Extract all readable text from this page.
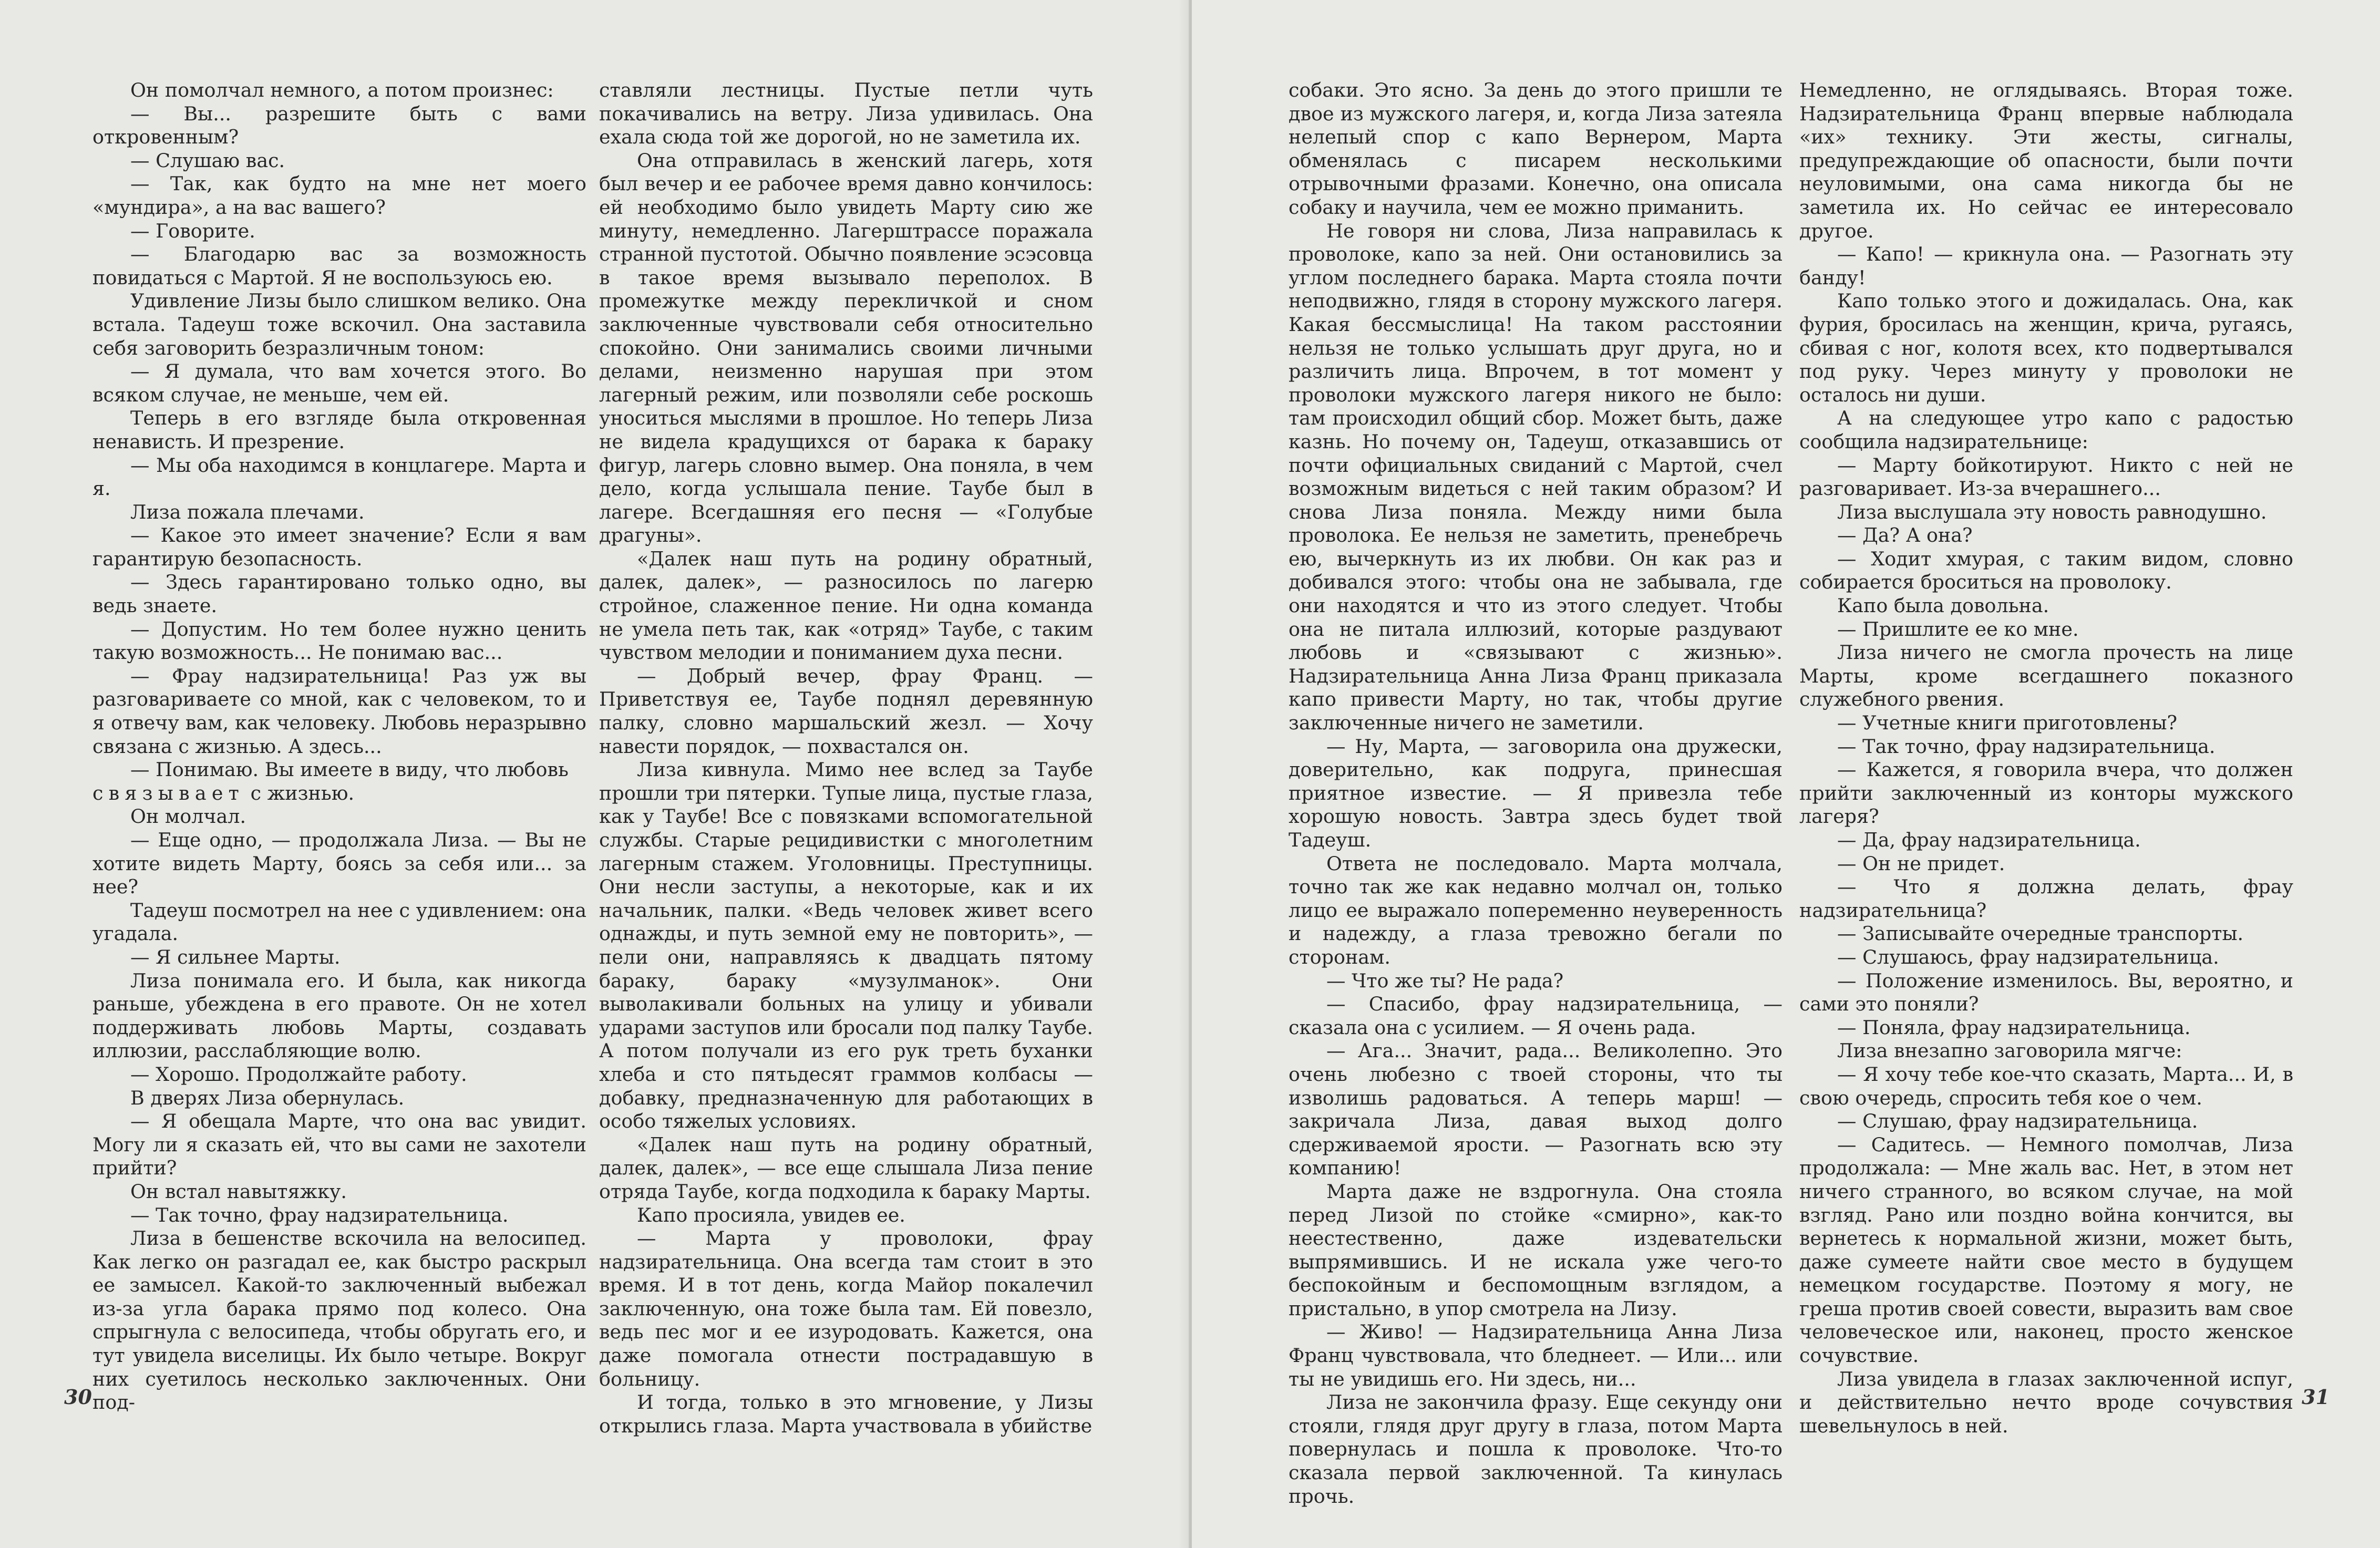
Он помолчал немного, а потом произнес:

— Вы... разрешите быть с вами откровенным?

— Слушаю вас.

— Так, как будто на мне нет моего «мундира», а на вас вашего?

— Говорите.

— Благодарю вас за возможность повидаться с Мартой. Я не воспользуюсь ею.

Удивление Лизы было слишком велико. Она встала. Тадеуш тоже вскочил. Она заставила себя заговорить безразличным тоном:

— Я думала, что вам хочется этого. Во всяком случае, не меньше, чем ей.

Теперь в его взгляде была откровенная ненависть. И презрение.

— Мы оба находимся в концлагере. Марта и я.

Лиза пожала плечами.

— Какое это имеет значение? Если я вам гарантирую безопасность.

— Здесь гарантировано только одно, вы ведь знаете.

— Допустим. Но тем более нужно ценить такую возможность... Не понимаю вас...

— Фрау надзирательница! Раз уж вы разговариваете со мной, как с человеком, то и я отвечу вам, как человеку. Любовь неразрывно связана с жизнью. А здесь...

— Понимаю. Вы имеете в виду, что любовь

связывает с жизнью.

Он молчал.

— Еще одно, — продолжала Лиза. — Вы не хотите видеть Марту, боясь за себя или... за нее?

Тадеуш посмотрел на нее с удивлением: она угадала.

— Я сильнее Марты.

Лиза понимала его. И была, как никогда раньше, убеждена в его правоте. Он не хотел поддерживать любовь Марты, создавать иллюзии, расслабляющие волю.

— Хорошо. Продолжайте работу.

В дверях Лиза обернулась.

— Я обещала Марте, что она вас увидит. Могу ли я сказать ей, что вы сами не захотели прийти?

Он встал навытяжку.

— Так точно, фрау надзирательница.

Лиза в бешенстве вскочила на велосипед. Как легко он разгадал ее, как быстро раскрыл ее замысел. Какой-то заключенный выбежал из-за угла барака прямо под колесо. Она спрыгнула с велосипеда, чтобы обругать его, и тут увидела виселицы. Их было четыре. Вокруг них суетилось несколько заключенных. Они под-

ставляли лестницы. Пустые петли чуть покачивались на ветру. Лиза удивилась. Она ехала сюда той же дорогой, но не заметила их.

Она отправилась в женский лагерь, хотя был вечер и ее рабочее время давно кончилось: ей необходимо было увидеть Марту сию же минуту, немедленно. Лагерштрассе поражала странной пустотой. Обычно появление эсэсовца в такое время вызывало переполох. В промежутке между перекличкой и сном заключенные чувствовали себя относительно спокойно. Они занимались своими личными делами, неизменно нарушая при этом лагерный режим, или позволяли себе роскошь уноситься мыслями в прошлое. Но теперь Лиза не видела крадущихся от барака к бараку фигур, лагерь словно вымер. Она поняла, в чем дело, когда услышала пение. Таубе был в лагере. Всегдашняя его песня — «Голубые драгуны».

«Далек наш путь на родину обратный, далек, далек», — разносилось по лагерю стройное, слаженное пение. Ни одна команда не умела петь так, как «отряд» Таубе, с таким чувством мелодии и пониманием духа песни.

— Добрый вечер, фрау Франц. — Приветствуя ее, Таубе поднял деревянную палку, словно маршальский жезл. — Хочу навести порядок, — похвастался он.

Лиза кивнула. Мимо нее вслед за Таубе прошли три пятерки. Тупые лица, пустые глаза, как у Таубе! Все с повязками вспомогательной службы. Старые рецидивистки с многолетним лагерным стажем. Уголовницы. Преступницы. Они несли заступы, а некоторые, как и их начальник, палки. «Ведь человек живет всего однажды, и путь земной ему не повторить», — пели они, направляясь к двадцать пятому бараку, бараку «музулманок». Они выволакивали больных на улицу и убивали ударами заступов или бросали под палку Таубе. А потом получали из его рук треть буханки хлеба и сто пятьдесят граммов колбасы — добавку, предназначенную для работающих в особо тяжелых условиях.

«Далек наш путь на родину обратный, далек, далек», — все еще слышала Лиза пение отряда Таубе, когда подходила к бараку Марты.

Капо просияла, увидев ее.

— Марта у проволоки, фрау надзирательница. Она всегда там стоит в это время. И в тот день, когда Майор покалечил заключенную, она тоже была там. Ей повезло, ведь пес мог и ее изуродовать. Кажется, она даже помогала отнести пострадавшую в больницу.

И тогда, только в это мгновение, у Лизы открылись глаза. Марта участвовала в убийстве

30

собаки. Это ясно. За день до этого пришли те двое из мужского лагеря, и, когда Лиза затеяла нелепый спор с капо Вернером, Марта обменялась с писарем несколькими отрывочными фразами. Конечно, она описала собаку и научила, чем ее можно приманить.

Не говоря ни слова, Лиза направилась к проволоке, капо за ней. Они остановились за углом последнего барака. Марта стояла почти неподвижно, глядя в сторону мужского лагеря. Какая бессмыслица! На таком расстоянии нельзя не только услышать друг друга, но и различить лица. Впрочем, в тот момент у проволоки мужского лагеря никого не было: там происходил общий сбор. Может быть, даже казнь. Но почему он, Тадеуш, отказавшись от почти официальных свиданий с Мартой, счел возможным видеться с ней таким образом? И снова Лиза поняла. Между ними была проволока. Ее нельзя не заметить, пренебречь ею, вычеркнуть из их любви. Он как раз и добивался этого: чтобы она не забывала, где они находятся и что из этого следует. Чтобы она не питала иллюзий, которые раздувают любовь и «связывают с жизнью». Надзирательница Анна Лиза Франц приказала капо привести Марту, но так, чтобы другие заключенные ничего не заметили.

— Ну, Марта, — заговорила она дружески, доверительно, как подруга, принесшая приятное известие. — Я привезла тебе хорошую новость. Завтра здесь будет твой Тадеуш.

Ответа не последовало. Марта молчала, точно так же как недавно молчал он, только лицо ее выражало попеременно неуверенность и надежду, а глаза тревожно бегали по сторонам.

— Что же ты? Не рада?

— Спасибо, фрау надзирательница, — сказала она с усилием. — Я очень рада.

— Ага... Значит, рада... Великолепно. Это очень любезно с твоей стороны, что ты изволишь радоваться. А теперь марш! — закричала Лиза, давая выход долго сдерживаемой ярости. — Разогнать всю эту компанию!

Марта даже не вздрогнула. Она стояла перед Лизой по стойке «смирно», как-то неестественно, даже издевательски выпрямившись. И не искала уже чего-то беспокойным и беспомощным взглядом, а пристально, в упор смотрела на Лизу.

— Живо! — Надзирательница Анна Лиза Франц чувствовала, что бледнеет. — Или... или ты не увидишь его. Ни здесь, ни...

Лиза не закончила фразу. Еще секунду они стояли, глядя друг другу в глаза, потом Марта повернулась и пошла к проволоке. Что-то сказала первой заключенной. Та кинулась прочь.

Немедленно, не оглядываясь. Вторая тоже. Надзирательница Франц впервые наблюдала «их» технику. Эти жесты, сигналы, предупреждающие об опасности, были почти неуловимыми, она сама никогда бы не заметила их. Но сейчас ее интересовало другое.

— Капо! — крикнула она. — Разогнать эту банду!

Капо только этого и дожидалась. Она, как фурия, бросилась на женщин, крича, ругаясь, сбивая с ног, колотя всех, кто подвертывался под руку. Через минуту у проволоки не осталось ни души.

А на следующее утро капо с радостью сообщила надзирательнице:

— Марту бойкотируют. Никто с ней не разговаривает. Из-за вчерашнего...

Лиза выслушала эту новость равнодушно.

— Да? А она?

— Ходит хмурая, с таким видом, словно собирается броситься на проволоку.

Капо была довольна.

— Пришлите ее ко мне.

Лиза ничего не смогла прочесть на лице Марты, кроме всегдашнего показного служебного рвения.

— Учетные книги приготовлены?

— Так точно, фрау надзирательница.

— Кажется, я говорила вчера, что должен прийти заключенный из конторы мужского лагеря?

— Да, фрау надзирательница.

— Он не придет.

— Что я должна делать, фрау надзирательница?

— Записывайте очередные транспорты.

— Слушаюсь, фрау надзирательница.

— Положение изменилось. Вы, вероятно, и сами это поняли?

— Поняла, фрау надзирательница.

Лиза внезапно заговорила мягче:

— Я хочу тебе кое-что сказать, Марта... И, в свою очередь, спросить тебя кое о чем.

— Слушаю, фрау надзирательница.

— Садитесь. — Немного помолчав, Лиза продолжала: — Мне жаль вас. Нет, в этом нет ничего странного, во всяком случае, на мой взгляд. Рано или поздно война кончится, вы вернетесь к нормальной жизни, может быть, даже сумеете найти свое место в будущем немецком государстве. Поэтому я могу, не греша против своей совести, выразить вам свое человеческое или, наконец, просто женское сочувствие.

Лиза увидела в глазах заключенной испуг, и действительно нечто вроде сочувствия шевельнулось в ней.

31
